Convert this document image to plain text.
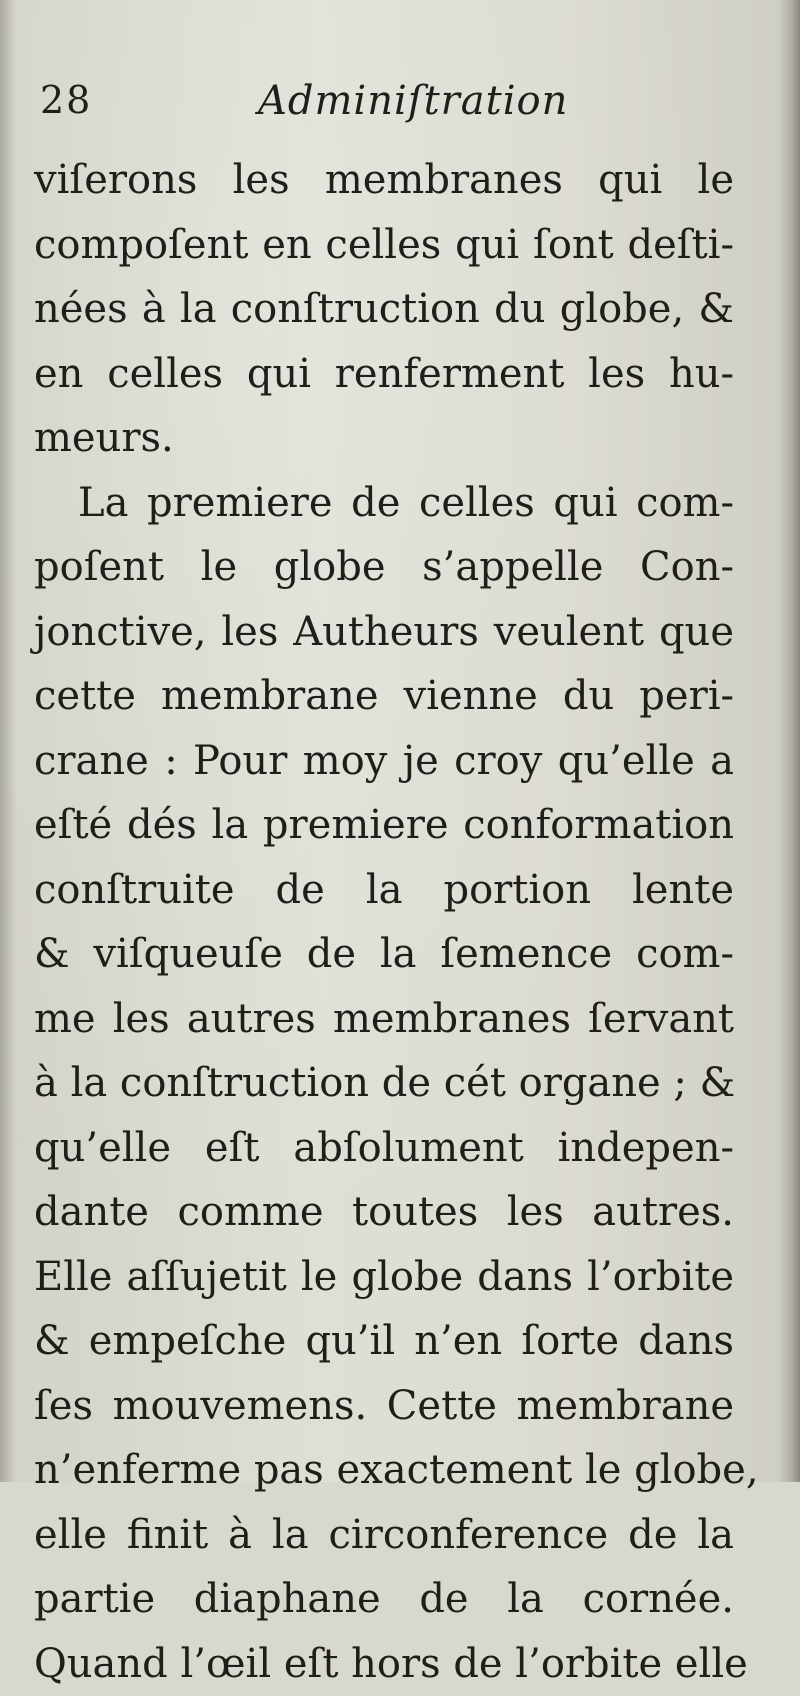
28	Adminiſtration
viſerons les membranes qui le
compoſent en celles qui ſont deſti-
nées à la conſtruction du globe, &
en celles qui renferment les hu-
meurs.
La premiere de celles qui com-
poſent le globe s’appelle Con-
jonctive, les Autheurs veulent que
cette membrane vienne du peri-
crane : Pour moy je croy qu’elle a
eſté dés la premiere conformation
conſtruite de la portion lente
& viſqueuſe de la ſemence com-
me les autres membranes ſervant
à la conſtruction de cét organe ; &
qu’elle eſt abſolument indepen-
dante comme toutes les autres.
Elle aſſujetit le globe dans l’orbite
& empeſche qu’il n’en ſorte dans
ſes mouvemens. Cette membrane
n’enferme pas exactement le globe,
elle finit à la circonference de la
partie diaphane de la cornée.
Quand l’œil eſt hors de l’orbite elle
